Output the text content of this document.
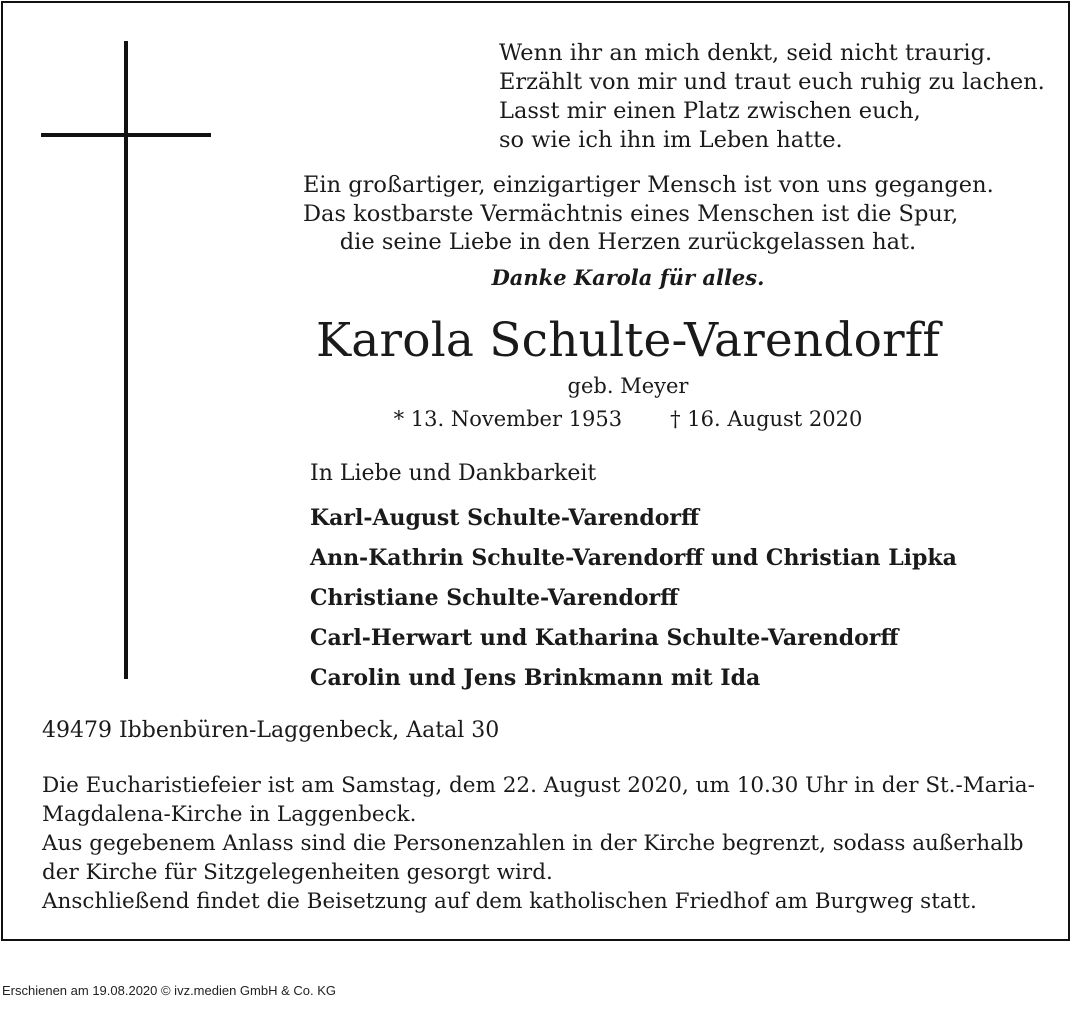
Wenn ihr an mich denkt, seid nicht traurig.
Erzählt von mir und traut euch ruhig zu lachen.
Lasst mir einen Platz zwischen euch,
so wie ich ihn im Leben hatte.
Ein großartiger, einzigartiger Mensch ist von uns gegangen.
Das kostbarste Vermächtnis eines Menschen ist die Spur,
die seine Liebe in den Herzen zurückgelassen hat.
Danke Karola für alles.
Karola Schulte-Varendorff
geb. Meyer
* 13. November 1953 † 16. August 2020
In Liebe und Dankbarkeit
Karl-August Schulte-Varendorff
Ann-Kathrin Schulte-Varendorff und Christian Lipka
Christiane Schulte-Varendorff
Carl-Herwart und Katharina Schulte-Varendorff
Carolin und Jens Brinkmann mit Ida
49479 Ibbenbüren-Laggenbeck, Aatal 30
Die Eucharistiefeier ist am Samstag, dem 22. August 2020, um 10.30 Uhr in der St.-Maria-
Magdalena-Kirche in Laggenbeck.
Aus gegebenem Anlass sind die Personenzahlen in der Kirche begrenzt, sodass außerhalb
der Kirche für Sitzgelegenheiten gesorgt wird.
Anschließend findet die Beisetzung auf dem katholischen Friedhof am Burgweg statt.
Erschienen am 19.08.2020 © ivz.medien GmbH & Co. KG
